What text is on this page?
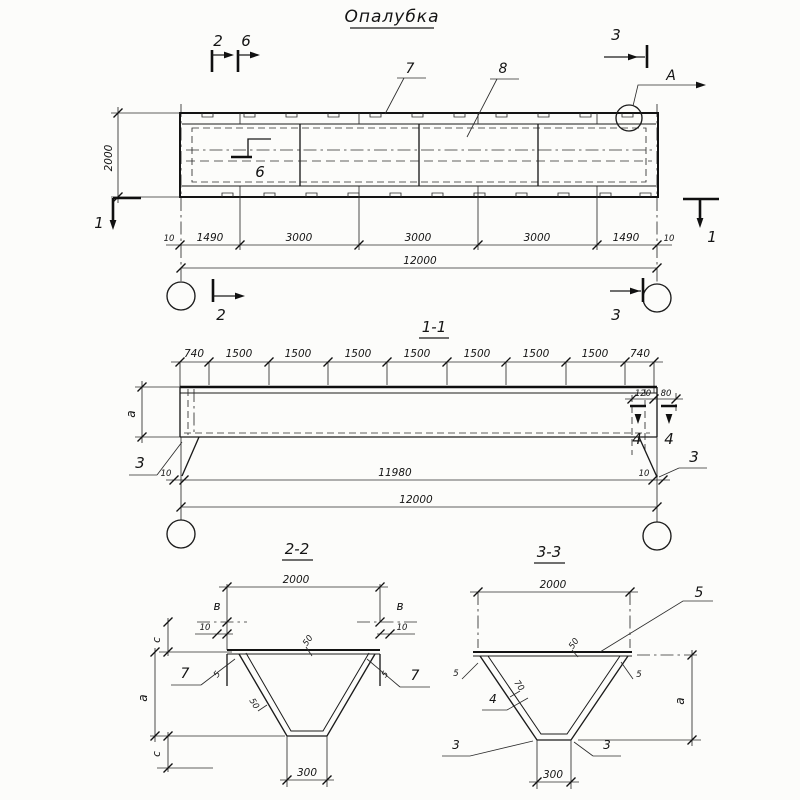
Опалубка
2000
10 1490	3000	3000	3000	1490	10
12000
2 6	3
1
1
2	3
6
7	8	А
1-1
740 1500	1500	1500	1500	1500	1500	1500 740
а
120 80
4 4
3	3
10	10
11980
12000
2-2
2000
в	в
10	10
с
а
с
7	7
5	5
50
50
300
3-3
2000
5	5
5
50
70
4	а
3	3
300
